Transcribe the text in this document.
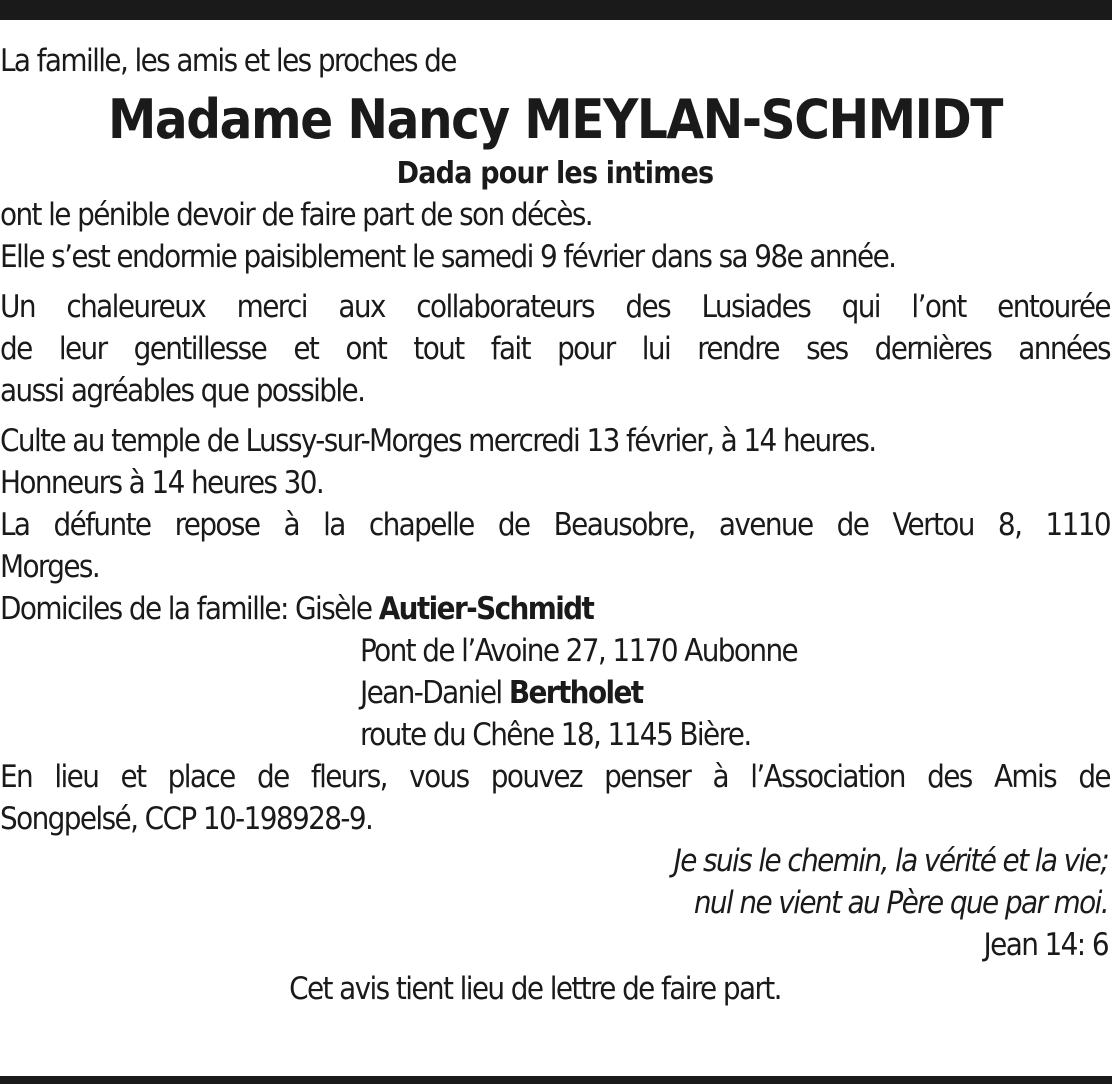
La famille, les amis et les proches de
Madame Nancy MEYLAN-SCHMIDT
Dada pour les intimes
ont le pénible devoir de faire part de son décès.
Elle s’est endormie paisiblement le samedi 9 février dans sa 98e année.
Un chaleureux merci aux collaborateurs des Lusiades qui l’ont entourée
de leur gentillesse et ont tout fait pour lui rendre ses dernières années
aussi agréables que possible.
Culte au temple de Lussy-sur-Morges mercredi 13 février, à 14 heures.
Honneurs à 14 heures 30.
La défunte repose à la chapelle de Beausobre, avenue de Vertou 8, 1110
Morges.
Domiciles de la famille: Gisèle Autier-Schmidt
Pont de l’Avoine 27, 1170 Aubonne
Jean-Daniel Bertholet
route du Chêne 18, 1145 Bière.
En lieu et place de fleurs, vous pouvez penser à l’Association des Amis de
Songpelsé, CCP 10-198928-9.
Je suis le chemin, la vérité et la vie;
nul ne vient au Père que par moi.
Jean 14: 6
Cet avis tient lieu de lettre de faire part.
